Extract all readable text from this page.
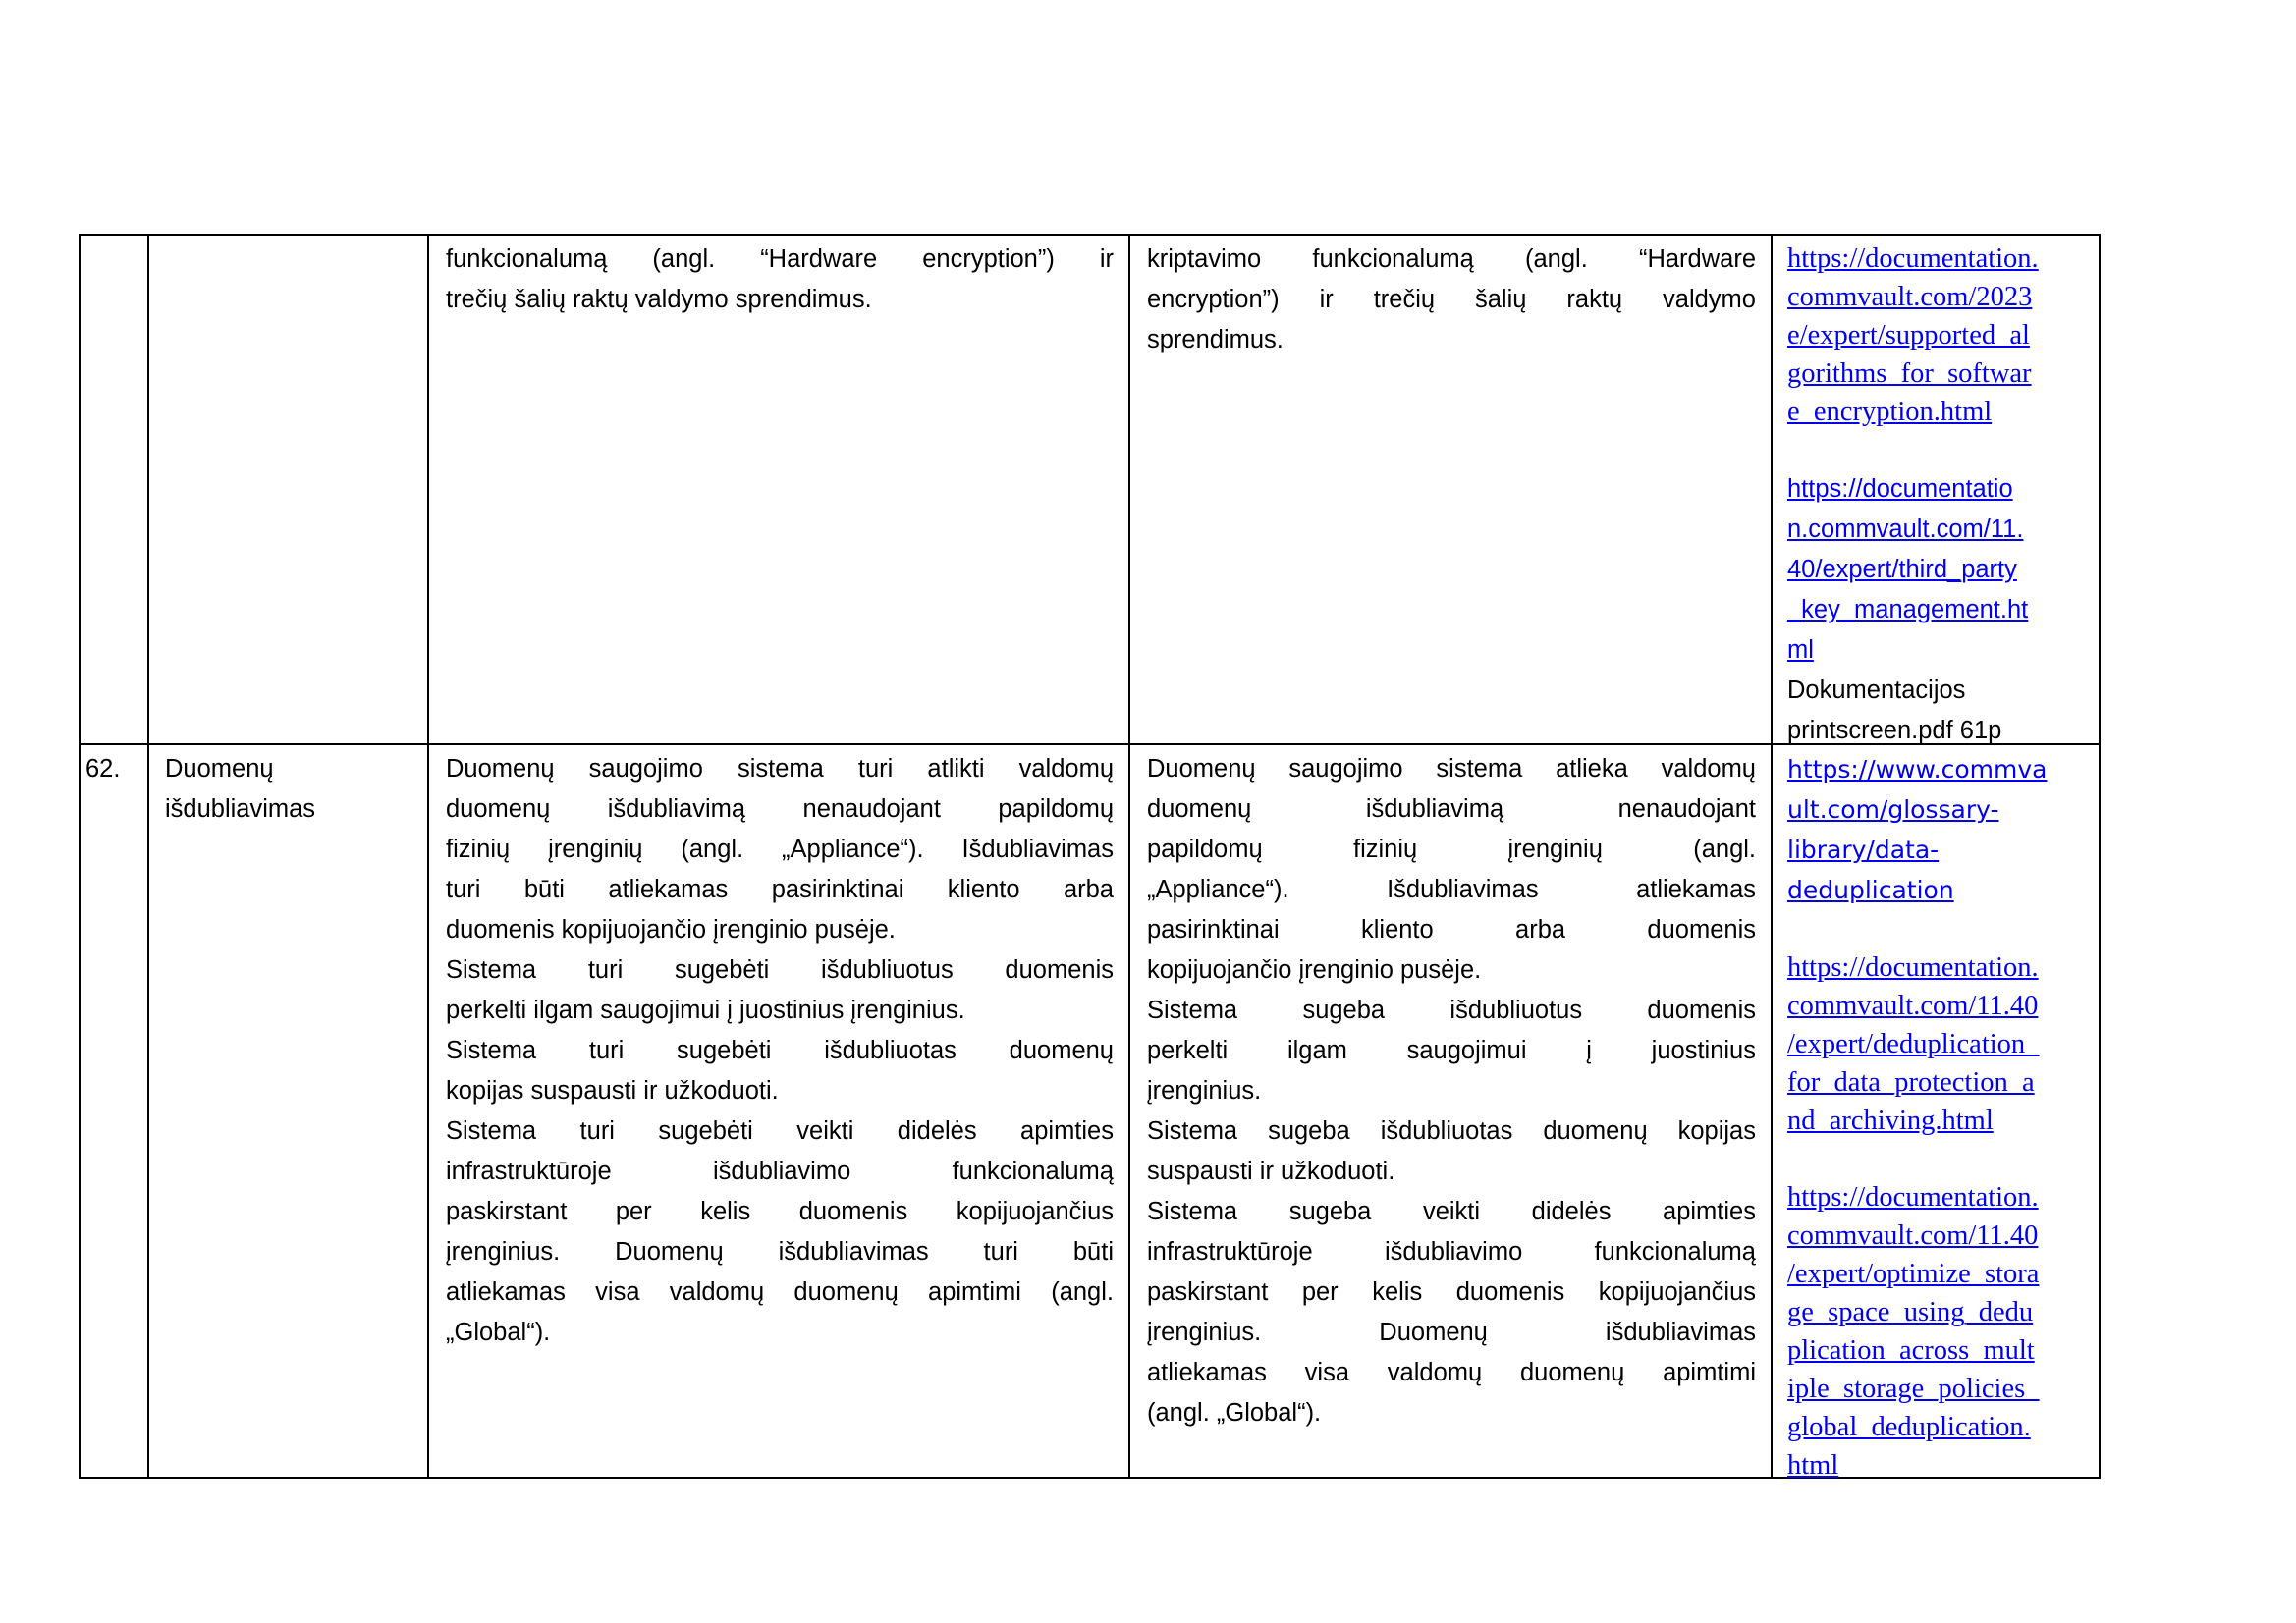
funkcionalumą (angl. “Hardware encryption”) ir
trečių šalių raktų valdymo sprendimus.
kriptavimo funkcionalumą (angl. “Hardware
encryption”) ir trečių šalių raktų valdymo
sprendimus.
https://documentation.
commvault.com/2023
e/expert/supported_al
gorithms_for_softwar
e_encryption.html
https://documentatio
n.commvault.com/11.
40/expert/third_party
_key_management.ht
ml
Dokumentacijos
printscreen.pdf 61p
62.	Duomenų
išdubliavimas
Duomenų saugojimo sistema turi atlikti valdomų
duomenų išdubliavimą nenaudojant papildomų
fizinių įrenginių (angl. „Appliance“). Išdubliavimas
turi būti atliekamas pasirinktinai kliento arba
duomenis kopijuojančio įrenginio pusėje.
Sistema turi sugebėti išdubliuotus duomenis
perkelti ilgam saugojimui į juostinius įrenginius.
Sistema turi sugebėti išdubliuotas duomenų
kopijas suspausti ir užkoduoti.
Sistema turi sugebėti veikti didelės apimties
infrastruktūroje išdubliavimo funkcionalumą
paskirstant per kelis duomenis kopijuojančius
įrenginius. Duomenų išdubliavimas turi būti
atliekamas visa valdomų duomenų apimtimi (angl.
„Global“).
Duomenų saugojimo sistema atlieka valdomų
duomenų išdubliavimą nenaudojant
papildomų fizinių įrenginių (angl.
„Appliance“). Išdubliavimas atliekamas
pasirinktinai kliento arba duomenis
kopijuojančio įrenginio pusėje.
Sistema sugeba išdubliuotus duomenis
perkelti ilgam saugojimui į juostinius
įrenginius.
Sistema sugeba išdubliuotas duomenų kopijas
suspausti ir užkoduoti.
Sistema sugeba veikti didelės apimties
infrastruktūroje išdubliavimo funkcionalumą
paskirstant per kelis duomenis kopijuojančius
įrenginius. Duomenų išdubliavimas
atliekamas visa valdomų duomenų apimtimi
(angl. „Global“).
https://www.commva
ult.com/glossary-
library/data-
deduplication
https://documentation.
commvault.com/11.40
/expert/deduplication_
for_data_protection_a
nd_archiving.html
https://documentation.
commvault.com/11.40
/expert/optimize_stora
ge_space_using_dedu
plication_across_mult
iple_storage_policies_
global_deduplication.
html
